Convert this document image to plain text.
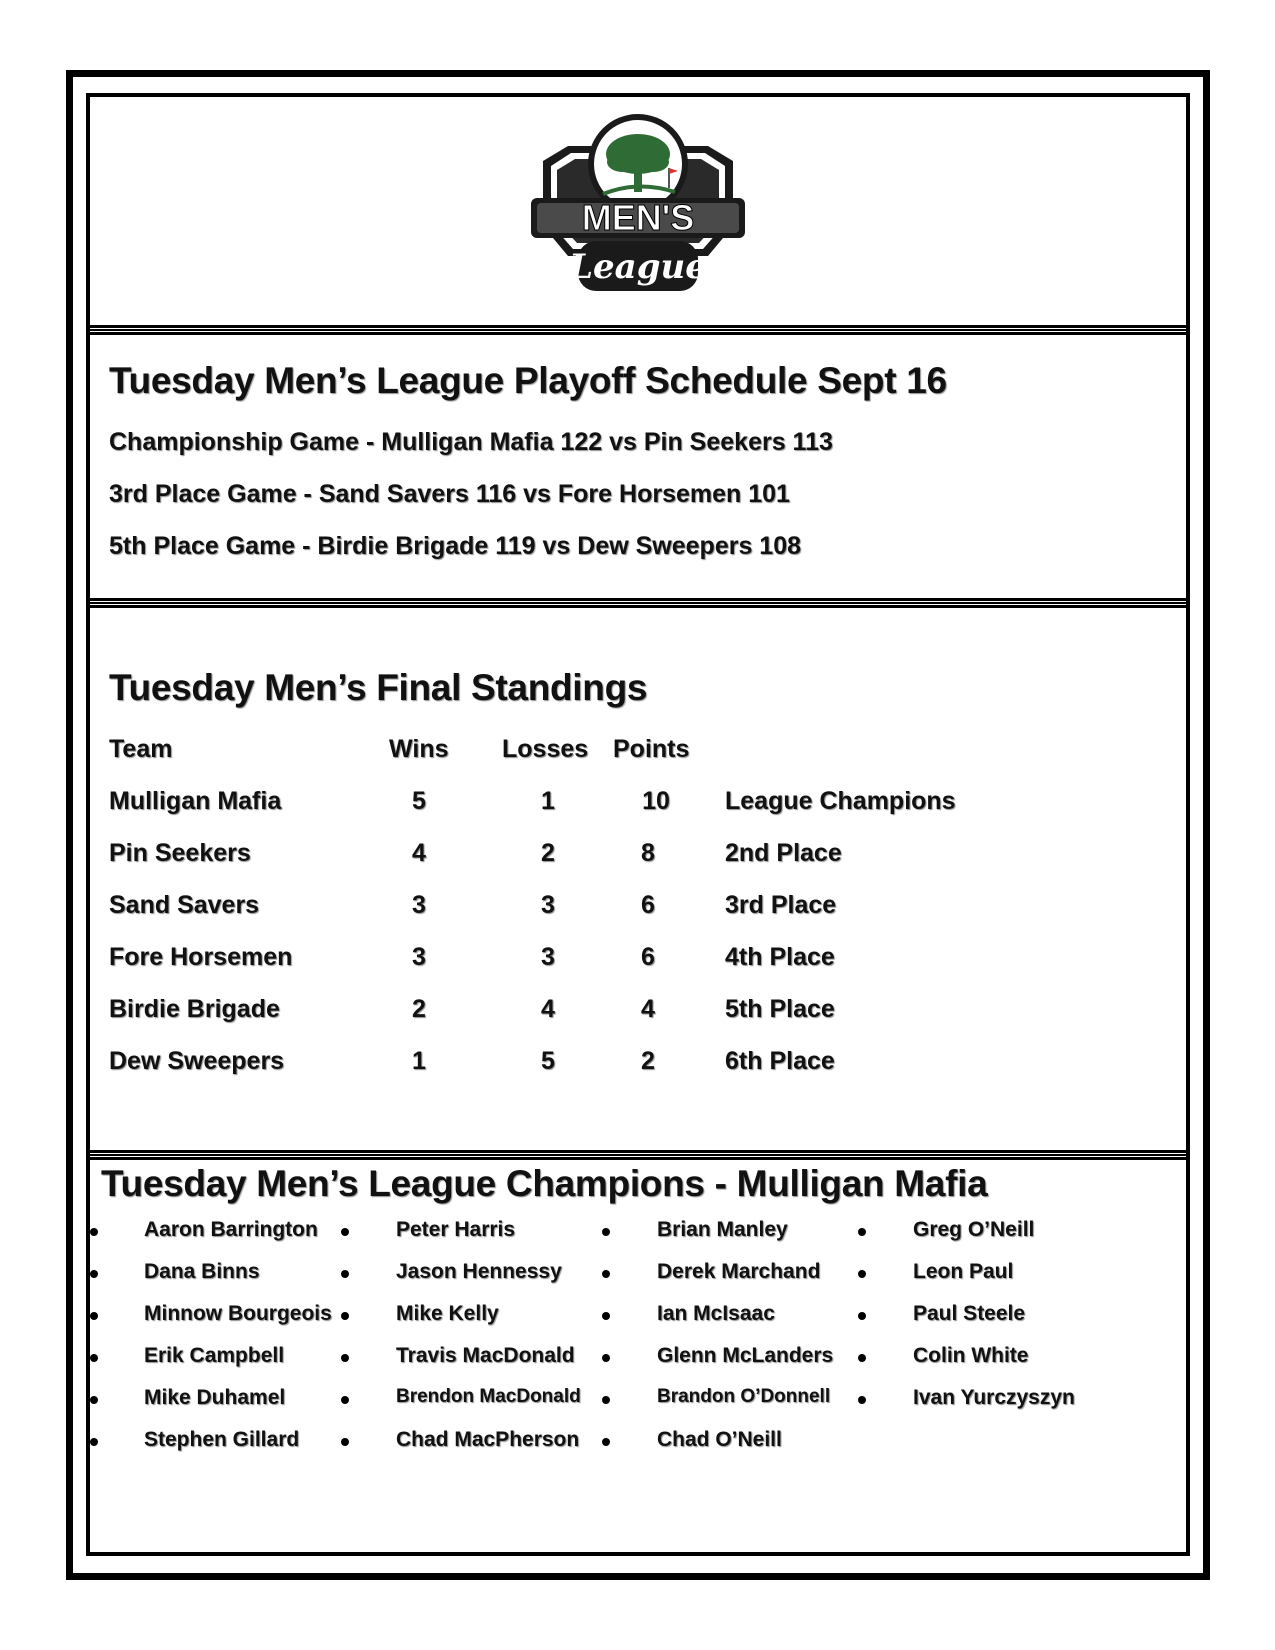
MEN'S
League
Tuesday Men’s League Playoff Schedule Sept 16
Championship Game - Mulligan Mafia 122 vs Pin Seekers 113
3rd Place Game - Sand Savers 116 vs Fore Horsemen 101
5th Place Game - Birdie Brigade 119 vs Dew Sweepers 108
Tuesday Men’s Final Standings
Team	Wins Losses Points
Mulligan Mafia	5	1	10	League Champions
Pin Seekers	4	2	8	2nd Place
Sand Savers	3	3	6	3rd Place
Fore Horsemen	3	3	6	4th Place
Birdie Brigade	2	4	4	5th Place
Dew Sweepers	1	5	2	6th Place
Tuesday Men’s League Champions - Mulligan Mafia
Aaron Barrington
Dana Binns
Minnow Bourgeois
Erik Campbell
Mike Duhamel
Stephen Gillard
Peter Harris
Jason Hennessy
Mike Kelly
Travis MacDonald
Brendon MacDonald
Chad MacPherson
Brian Manley
Derek Marchand
Ian McIsaac
Glenn McLanders
Brandon O’Donnell
Chad O’Neill
Greg O’Neill
Leon Paul
Paul Steele
Colin White
Ivan Yurczyszyn
